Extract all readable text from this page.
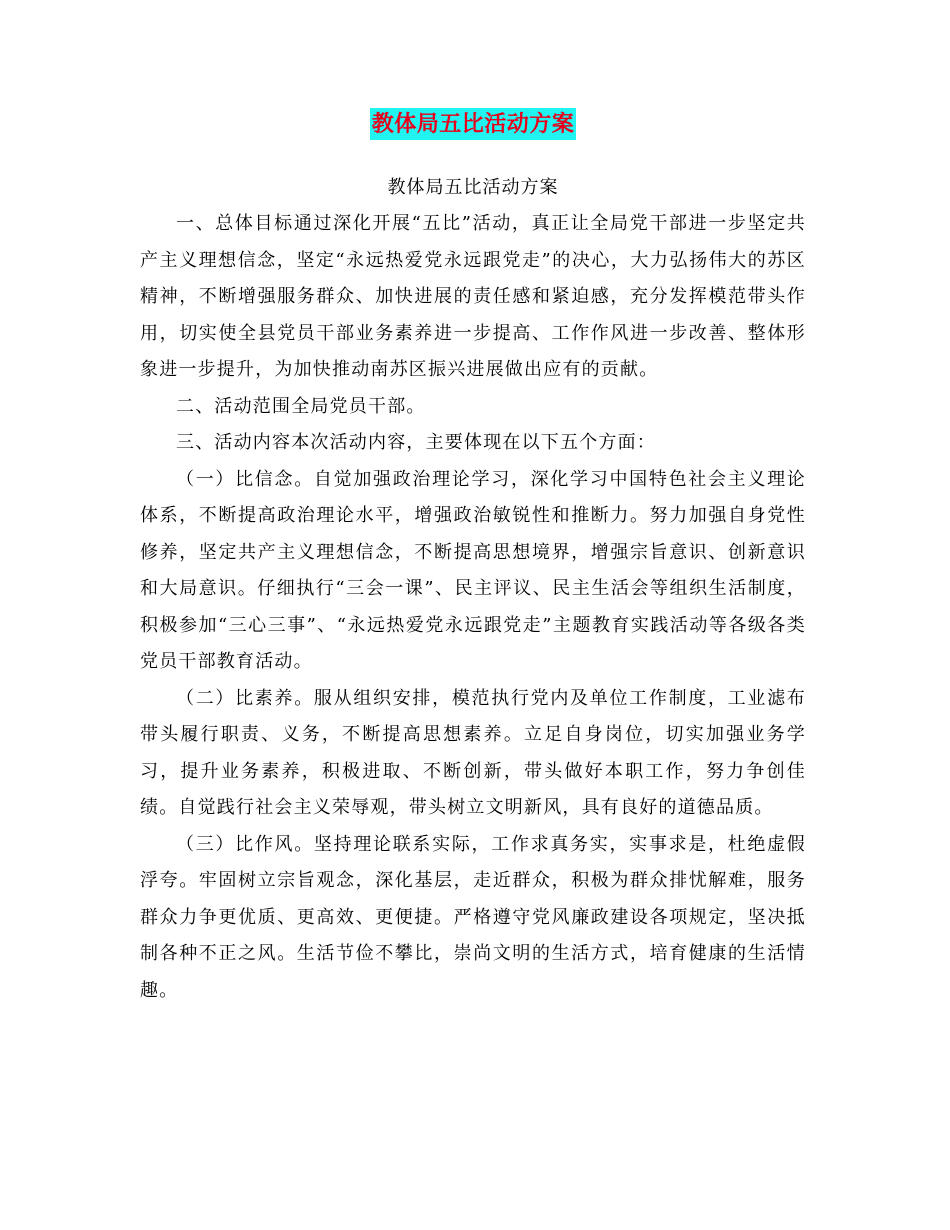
教体局五比活动方案
教体局五比活动方案

一、总体目标通过深化开展“五比”活动，真正让全局党干部进一步坚定共产主义理想信念，坚定“永远热爱党永远跟党走”的决心，大力弘扬伟大的苏区精神，不断增强服务群众、加快进展的责任感和紧迫感，充分发挥模范带头作用，切实使全县党员干部业务素养进一步提高、工作作风进一步改善、整体形象进一步提升，为加快推动南苏区振兴进展做出应有的贡献。

二、活动范围全局党员干部。

三、活动内容本次活动内容，主要体现在以下五个方面：

（一）比信念。自觉加强政治理论学习，深化学习中国特色社会主义理论体系，不断提高政治理论水平，增强政治敏锐性和推断力。努力加强自身党性修养，坚定共产主义理想信念，不断提高思想境界，增强宗旨意识、创新意识和大局意识。仔细执行“三会一课”、民主评议、民主生活会等组织生活制度，积极参加“三心三事”、“永远热爱党永远跟党走”主题教育实践活动等各级各类党员干部教育活动。

（二）比素养。服从组织安排，模范执行党内及单位工作制度，工业滤布带头履行职责、义务，不断提高思想素养。立足自身岗位，切实加强业务学习，提升业务素养，积极进取、不断创新，带头做好本职工作，努力争创佳绩。自觉践行社会主义荣辱观，带头树立文明新风，具有良好的道德品质。

（三）比作风。坚持理论联系实际，工作求真务实，实事求是，杜绝虚假浮夸。牢固树立宗旨观念，深化基层，走近群众，积极为群众排忧解难，服务群众力争更优质、更高效、更便捷。严格遵守党风廉政建设各项规定，坚决抵制各种不正之风。生活节俭不攀比，崇尚文明的生活方式，培育健康的生活情趣。
